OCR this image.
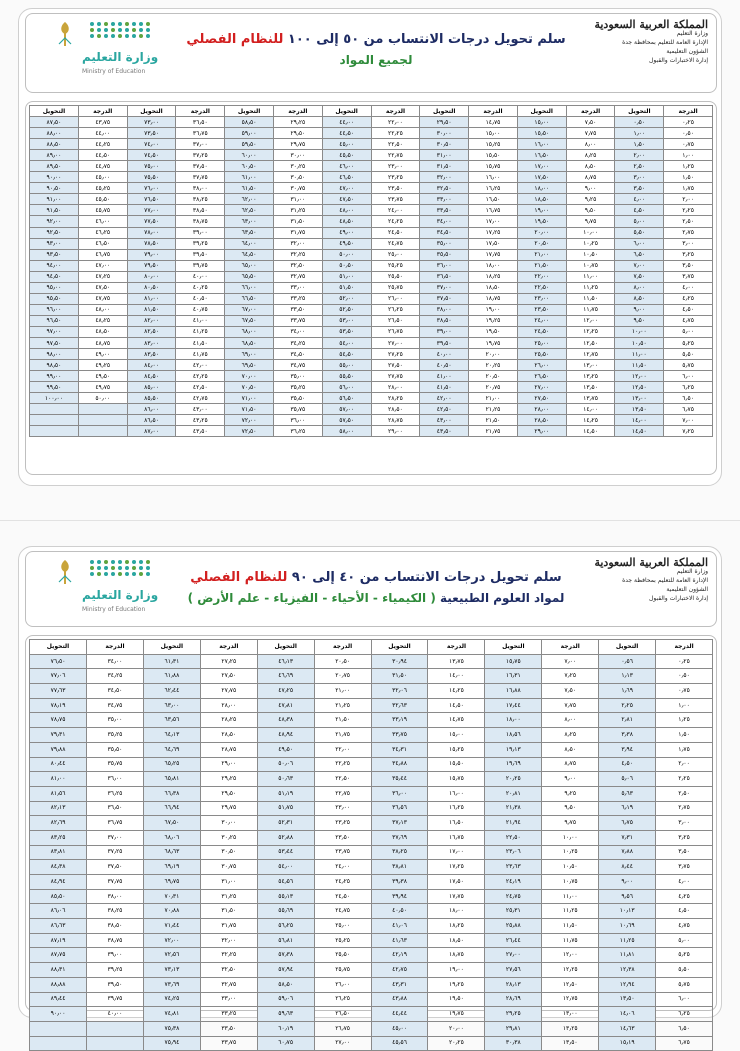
المملكة العربية السعودية
وزارة التعليم
الإدارة العامة للتعليم بمحافظة جدة
الشؤون التعليمية
إدارة الاختبارات والقبول
سلم تحويل درجات الانتساب من ٥٠ إلى ١٠٠ للنظام الفصلي
لجميع المواد
وزارة التعليم
Ministry of Education
الدرجة	التحويل	الدرجة	التحويل	الدرجة	التحويل	الدرجة	التحويل	الدرجة	التحويل	الدرجة	التحويل	الدرجة	التحويل
٠٫٢٥	٠٫٥٠	٧٫٥٠	١٥٫٠٠	١٤٫٧٥	٢٩٫٥٠	٢٢٫٠٠	٤٤٫٠٠	٢٩٫٢٥	٥٨٫٥٠	٣٦٫٥٠	٧٣٫٠٠	٤٣٫٧٥	٨٧٫٥٠
٠٫٥٠	١٫٠٠	٧٫٧٥	١٥٫٥٠	١٥٫٠٠	٣٠٫٠٠	٢٢٫٢٥	٤٤٫٥٠	٢٩٫٥٠	٥٩٫٠٠	٣٦٫٧٥	٧٣٫٥٠	٤٤٫٠٠	٨٨٫٠٠
٠٫٧٥	١٫٥٠	٨٫٠٠	١٦٫٠٠	١٥٫٢٥	٣٠٫٥٠	٢٢٫٥٠	٤٥٫٠٠	٢٩٫٧٥	٥٩٫٥٠	٣٧٫٠٠	٧٤٫٠٠	٤٤٫٢٥	٨٨٫٥٠
١٫٠٠	٢٫٠٠	٨٫٢٥	١٦٫٥٠	١٥٫٥٠	٣١٫٠٠	٢٢٫٧٥	٤٥٫٥٠	٣٠٫٠٠	٦٠٫٠٠	٣٧٫٢٥	٧٤٫٥٠	٤٤٫٥٠	٨٩٫٠٠
١٫٢٥	٢٫٥٠	٨٫٥٠	١٧٫٠٠	١٥٫٧٥	٣١٫٥٠	٢٣٫٠٠	٤٦٫٠٠	٣٠٫٢٥	٦٠٫٥٠	٣٧٫٥٠	٧٥٫٠٠	٤٤٫٧٥	٨٩٫٥٠
١٫٥٠	٣٫٠٠	٨٫٧٥	١٧٫٥٠	١٦٫٠٠	٣٢٫٠٠	٢٣٫٢٥	٤٦٫٥٠	٣٠٫٥٠	٦١٫٠٠	٣٧٫٧٥	٧٥٫٥٠	٤٥٫٠٠	٩٠٫٠٠
١٫٧٥	٣٫٥٠	٩٫٠٠	١٨٫٠٠	١٦٫٢٥	٣٢٫٥٠	٢٣٫٥٠	٤٧٫٠٠	٣٠٫٧٥	٦١٫٥٠	٣٨٫٠٠	٧٦٫٠٠	٤٥٫٢٥	٩٠٫٥٠
٢٫٠٠	٤٫٠٠	٩٫٢٥	١٨٫٥٠	١٦٫٥٠	٣٣٫٠٠	٢٣٫٧٥	٤٧٫٥٠	٣١٫٠٠	٦٢٫٠٠	٣٨٫٢٥	٧٦٫٥٠	٤٥٫٥٠	٩١٫٠٠
٢٫٢٥	٤٫٥٠	٩٫٥٠	١٩٫٠٠	١٦٫٧٥	٣٣٫٥٠	٢٤٫٠٠	٤٨٫٠٠	٣١٫٢٥	٦٢٫٥٠	٣٨٫٥٠	٧٧٫٠٠	٤٥٫٧٥	٩١٫٥٠
٢٫٥٠	٥٫٠٠	٩٫٧٥	١٩٫٥٠	١٧٫٠٠	٣٤٫٠٠	٢٤٫٢٥	٤٨٫٥٠	٣١٫٥٠	٦٣٫٠٠	٣٨٫٧٥	٧٧٫٥٠	٤٦٫٠٠	٩٢٫٠٠
٢٫٧٥	٥٫٥٠	١٠٫٠٠	٢٠٫٠٠	١٧٫٢٥	٣٤٫٥٠	٢٤٫٥٠	٤٩٫٠٠	٣١٫٧٥	٦٣٫٥٠	٣٩٫٠٠	٧٨٫٠٠	٤٦٫٢٥	٩٢٫٥٠
٣٫٠٠	٦٫٠٠	١٠٫٢٥	٢٠٫٥٠	١٧٫٥٠	٣٥٫٠٠	٢٤٫٧٥	٤٩٫٥٠	٣٢٫٠٠	٦٤٫٠٠	٣٩٫٢٥	٧٨٫٥٠	٤٦٫٥٠	٩٣٫٠٠
٣٫٢٥	٦٫٥٠	١٠٫٥٠	٢١٫٠٠	١٧٫٧٥	٣٥٫٥٠	٢٥٫٠٠	٥٠٫٠٠	٣٢٫٢٥	٦٤٫٥٠	٣٩٫٥٠	٧٩٫٠٠	٤٦٫٧٥	٩٣٫٥٠
٣٫٥٠	٧٫٠٠	١٠٫٧٥	٢١٫٥٠	١٨٫٠٠	٣٦٫٠٠	٢٥٫٢٥	٥٠٫٥٠	٣٢٫٥٠	٦٥٫٠٠	٣٩٫٧٥	٧٩٫٥٠	٤٧٫٠٠	٩٤٫٠٠
٣٫٧٥	٧٫٥٠	١١٫٠٠	٢٢٫٠٠	١٨٫٢٥	٣٦٫٥٠	٢٥٫٥٠	٥١٫٠٠	٣٢٫٧٥	٦٥٫٥٠	٤٠٫٠٠	٨٠٫٠٠	٤٧٫٢٥	٩٤٫٥٠
٤٫٠٠	٨٫٠٠	١١٫٢٥	٢٢٫٥٠	١٨٫٥٠	٣٧٫٠٠	٢٥٫٧٥	٥١٫٥٠	٣٣٫٠٠	٦٦٫٠٠	٤٠٫٢٥	٨٠٫٥٠	٤٧٫٥٠	٩٥٫٠٠
٤٫٢٥	٨٫٥٠	١١٫٥٠	٢٣٫٠٠	١٨٫٧٥	٣٧٫٥٠	٢٦٫٠٠	٥٢٫٠٠	٣٣٫٢٥	٦٦٫٥٠	٤٠٫٥٠	٨١٫٠٠	٤٧٫٧٥	٩٥٫٥٠
٤٫٥٠	٩٫٠٠	١١٫٧٥	٢٣٫٥٠	١٩٫٠٠	٣٨٫٠٠	٢٦٫٢٥	٥٢٫٥٠	٣٣٫٥٠	٦٧٫٠٠	٤٠٫٧٥	٨١٫٥٠	٤٨٫٠٠	٩٦٫٠٠
٤٫٧٥	٩٫٥٠	١٢٫٠٠	٢٤٫٠٠	١٩٫٢٥	٣٨٫٥٠	٢٦٫٥٠	٥٣٫٠٠	٣٣٫٧٥	٦٧٫٥٠	٤١٫٠٠	٨٢٫٠٠	٤٨٫٢٥	٩٦٫٥٠
٥٫٠٠	١٠٫٠٠	١٢٫٢٥	٢٤٫٥٠	١٩٫٥٠	٣٩٫٠٠	٢٦٫٧٥	٥٣٫٥٠	٣٤٫٠٠	٦٨٫٠٠	٤١٫٢٥	٨٢٫٥٠	٤٨٫٥٠	٩٧٫٠٠
٥٫٢٥	١٠٫٥٠	١٢٫٥٠	٢٥٫٠٠	١٩٫٧٥	٣٩٫٥٠	٢٧٫٠٠	٥٤٫٠٠	٣٤٫٢٥	٦٨٫٥٠	٤١٫٥٠	٨٣٫٠٠	٤٨٫٧٥	٩٧٫٥٠
٥٫٥٠	١١٫٠٠	١٢٫٧٥	٢٥٫٥٠	٢٠٫٠٠	٤٠٫٠٠	٢٧٫٢٥	٥٤٫٥٠	٣٤٫٥٠	٦٩٫٠٠	٤١٫٧٥	٨٣٫٥٠	٤٩٫٠٠	٩٨٫٠٠
٥٫٧٥	١١٫٥٠	١٣٫٠٠	٢٦٫٠٠	٢٠٫٢٥	٤٠٫٥٠	٢٧٫٥٠	٥٥٫٠٠	٣٤٫٧٥	٦٩٫٥٠	٤٢٫٠٠	٨٤٫٠٠	٤٩٫٢٥	٩٨٫٥٠
٦٫٠٠	١٢٫٠٠	١٣٫٢٥	٢٦٫٥٠	٢٠٫٥٠	٤١٫٠٠	٢٧٫٧٥	٥٥٫٥٠	٣٥٫٠٠	٧٠٫٠٠	٤٢٫٢٥	٨٤٫٥٠	٤٩٫٥٠	٩٩٫٠٠
٦٫٢٥	١٢٫٥٠	١٣٫٥٠	٢٧٫٠٠	٢٠٫٧٥	٤١٫٥٠	٢٨٫٠٠	٥٦٫٠٠	٣٥٫٢٥	٧٠٫٥٠	٤٢٫٥٠	٨٥٫٠٠	٤٩٫٧٥	٩٩٫٥٠
٦٫٥٠	١٣٫٠٠	١٣٫٧٥	٢٧٫٥٠	٢١٫٠٠	٤٢٫٠٠	٢٨٫٢٥	٥٦٫٥٠	٣٥٫٥٠	٧١٫٠٠	٤٢٫٧٥	٨٥٫٥٠	٥٠٫٠٠	١٠٠٫٠٠
٦٫٧٥	١٣٫٥٠	١٤٫٠٠	٢٨٫٠٠	٢١٫٢٥	٤٢٫٥٠	٢٨٫٥٠	٥٧٫٠٠	٣٥٫٧٥	٧١٫٥٠	٤٣٫٠٠	٨٦٫٠٠		
٧٫٠٠	١٤٫٠٠	١٤٫٢٥	٢٨٫٥٠	٢١٫٥٠	٤٣٫٠٠	٢٨٫٧٥	٥٧٫٥٠	٣٦٫٠٠	٧٢٫٠٠	٤٣٫٢٥	٨٦٫٥٠		
٧٫٢٥	١٤٫٥٠	١٤٫٥٠	٢٩٫٠٠	٢١٫٧٥	٤٣٫٥٠	٢٩٫٠٠	٥٨٫٠٠	٣٦٫٢٥	٧٢٫٥٠	٤٣٫٥٠	٨٧٫٠٠		
المملكة العربية السعودية
وزارة التعليم
الإدارة العامة للتعليم بمحافظة جدة
الشؤون التعليمية
إدارة الاختبارات والقبول
سلم تحويل درجات الانتساب من ٤٠ إلى ٩٠ للنظام الفصلي
لمواد العلوم الطبيعية ( الكيمياء - الأحياء - الفيزياء - علم الأرض )
وزارة التعليم
Ministry of Education
الدرجة	التحويل	الدرجة	التحويل	الدرجة	التحويل	الدرجة	التحويل	الدرجة	التحويل	الدرجة	التحويل
٠٫٢٥	٠٫٥٦	٧٫٠٠	١٥٫٧٥	١٣٫٧٥	٣٠٫٩٤	٢٠٫٥٠	٤٦٫١٣	٢٧٫٢٥	٦١٫٣١	٣٤٫٠٠	٧٦٫٥٠
٠٫٥٠	١٫١٣	٧٫٢٥	١٦٫٣١	١٤٫٠٠	٣١٫٥٠	٢٠٫٧٥	٤٦٫٦٩	٢٧٫٥٠	٦١٫٨٨	٣٤٫٢٥	٧٧٫٠٦
٠٫٧٥	١٫٦٩	٧٫٥٠	١٦٫٨٨	١٤٫٢٥	٣٢٫٠٦	٢١٫٠٠	٤٧٫٢٥	٢٧٫٧٥	٦٢٫٤٤	٣٤٫٥٠	٧٧٫٦٣
١٫٠٠	٢٫٢٥	٧٫٧٥	١٧٫٤٤	١٤٫٥٠	٣٢٫٦٣	٢١٫٢٥	٤٧٫٨١	٢٨٫٠٠	٦٣٫٠٠	٣٤٫٧٥	٧٨٫١٩
١٫٢٥	٢٫٨١	٨٫٠٠	١٨٫٠٠	١٤٫٧٥	٣٣٫١٩	٢١٫٥٠	٤٨٫٣٨	٢٨٫٢٥	٦٣٫٥٦	٣٥٫٠٠	٧٨٫٧٥
١٫٥٠	٣٫٣٨	٨٫٢٥	١٨٫٥٦	١٥٫٠٠	٣٣٫٧٥	٢١٫٧٥	٤٨٫٩٤	٢٨٫٥٠	٦٤٫١٣	٣٥٫٢٥	٧٩٫٣١
١٫٧٥	٣٫٩٤	٨٫٥٠	١٩٫١٣	١٥٫٢٥	٣٤٫٣١	٢٢٫٠٠	٤٩٫٥٠	٢٨٫٧٥	٦٤٫٦٩	٣٥٫٥٠	٧٩٫٨٨
٢٫٠٠	٤٫٥٠	٨٫٧٥	١٩٫٦٩	١٥٫٥٠	٣٤٫٨٨	٢٢٫٢٥	٥٠٫٠٦	٢٩٫٠٠	٦٥٫٢٥	٣٥٫٧٥	٨٠٫٤٤
٢٫٢٥	٥٫٠٦	٩٫٠٠	٢٠٫٢٥	١٥٫٧٥	٣٥٫٤٤	٢٢٫٥٠	٥٠٫٦٣	٢٩٫٢٥	٦٥٫٨١	٣٦٫٠٠	٨١٫٠٠
٢٫٥٠	٥٫٦٣	٩٫٢٥	٢٠٫٨١	١٦٫٠٠	٣٦٫٠٠	٢٢٫٧٥	٥١٫١٩	٢٩٫٥٠	٦٦٫٣٨	٣٦٫٢٥	٨١٫٥٦
٢٫٧٥	٦٫١٩	٩٫٥٠	٢١٫٣٨	١٦٫٢٥	٣٦٫٥٦	٢٣٫٠٠	٥١٫٧٥	٢٩٫٧٥	٦٦٫٩٤	٣٦٫٥٠	٨٢٫١٣
٣٫٠٠	٦٫٧٥	٩٫٧٥	٢١٫٩٤	١٦٫٥٠	٣٧٫١٣	٢٣٫٢٥	٥٢٫٣١	٣٠٫٠٠	٦٧٫٥٠	٣٦٫٧٥	٨٢٫٦٩
٣٫٢٥	٧٫٣١	١٠٫٠٠	٢٢٫٥٠	١٦٫٧٥	٣٧٫٦٩	٢٣٫٥٠	٥٢٫٨٨	٣٠٫٢٥	٦٨٫٠٦	٣٧٫٠٠	٨٣٫٢٥
٣٫٥٠	٧٫٨٨	١٠٫٢٥	٢٣٫٠٦	١٧٫٠٠	٣٨٫٢٥	٢٣٫٧٥	٥٣٫٤٤	٣٠٫٥٠	٦٨٫٦٣	٣٧٫٢٥	٨٣٫٨١
٣٫٧٥	٨٫٤٤	١٠٫٥٠	٢٣٫٦٣	١٧٫٢٥	٣٨٫٨١	٢٤٫٠٠	٥٤٫٠٠	٣٠٫٧٥	٦٩٫١٩	٣٧٫٥٠	٨٤٫٣٨
٤٫٠٠	٩٫٠٠	١٠٫٧٥	٢٤٫١٩	١٧٫٥٠	٣٩٫٣٨	٢٤٫٢٥	٥٤٫٥٦	٣١٫٠٠	٦٩٫٧٥	٣٧٫٧٥	٨٤٫٩٤
٤٫٢٥	٩٫٥٦	١١٫٠٠	٢٤٫٧٥	١٧٫٧٥	٣٩٫٩٤	٢٤٫٥٠	٥٥٫١٣	٣١٫٢٥	٧٠٫٣١	٣٨٫٠٠	٨٥٫٥٠
٤٫٥٠	١٠٫١٣	١١٫٢٥	٢٥٫٣١	١٨٫٠٠	٤٠٫٥٠	٢٤٫٧٥	٥٥٫٦٩	٣١٫٥٠	٧٠٫٨٨	٣٨٫٢٥	٨٦٫٠٦
٤٫٧٥	١٠٫٦٩	١١٫٥٠	٢٥٫٨٨	١٨٫٢٥	٤١٫٠٦	٢٥٫٠٠	٥٦٫٢٥	٣١٫٧٥	٧١٫٤٤	٣٨٫٥٠	٨٦٫٦٣
٥٫٠٠	١١٫٢٥	١١٫٧٥	٢٦٫٤٤	١٨٫٥٠	٤١٫٦٣	٢٥٫٢٥	٥٦٫٨١	٣٢٫٠٠	٧٢٫٠٠	٣٨٫٧٥	٨٧٫١٩
٥٫٢٥	١١٫٨١	١٢٫٠٠	٢٧٫٠٠	١٨٫٧٥	٤٢٫١٩	٢٥٫٥٠	٥٧٫٣٨	٣٢٫٢٥	٧٢٫٥٦	٣٩٫٠٠	٨٧٫٧٥
٥٫٥٠	١٢٫٣٨	١٢٫٢٥	٢٧٫٥٦	١٩٫٠٠	٤٢٫٧٥	٢٥٫٧٥	٥٧٫٩٤	٣٢٫٥٠	٧٣٫١٣	٣٩٫٢٥	٨٨٫٣١
٥٫٧٥	١٢٫٩٤	١٢٫٥٠	٢٨٫١٣	١٩٫٢٥	٤٣٫٣١	٢٦٫٠٠	٥٨٫٥٠	٣٢٫٧٥	٧٣٫٦٩	٣٩٫٥٠	٨٨٫٨٨
٦٫٠٠	١٣٫٥٠	١٢٫٧٥	٢٨٫٦٩	١٩٫٥٠	٤٣٫٨٨	٢٦٫٢٥	٥٩٫٠٦	٣٣٫٠٠	٧٤٫٢٥	٣٩٫٧٥	٨٩٫٤٤
٦٫٢٥	١٤٫٠٦	١٣٫٠٠	٢٩٫٢٥	١٩٫٧٥	٤٤٫٤٤	٢٦٫٥٠	٥٩٫٦٣	٣٣٫٢٥	٧٤٫٨١	٤٠٫٠٠	٩٠٫٠٠
٦٫٥٠	١٤٫٦٣	١٣٫٢٥	٢٩٫٨١	٢٠٫٠٠	٤٥٫٠٠	٢٦٫٧٥	٦٠٫١٩	٣٣٫٥٠	٧٥٫٣٨		
٦٫٧٥	١٥٫١٩	١٣٫٥٠	٣٠٫٣٨	٢٠٫٢٥	٤٥٫٥٦	٢٧٫٠٠	٦٠٫٧٥	٣٣٫٧٥	٧٥٫٩٤		
